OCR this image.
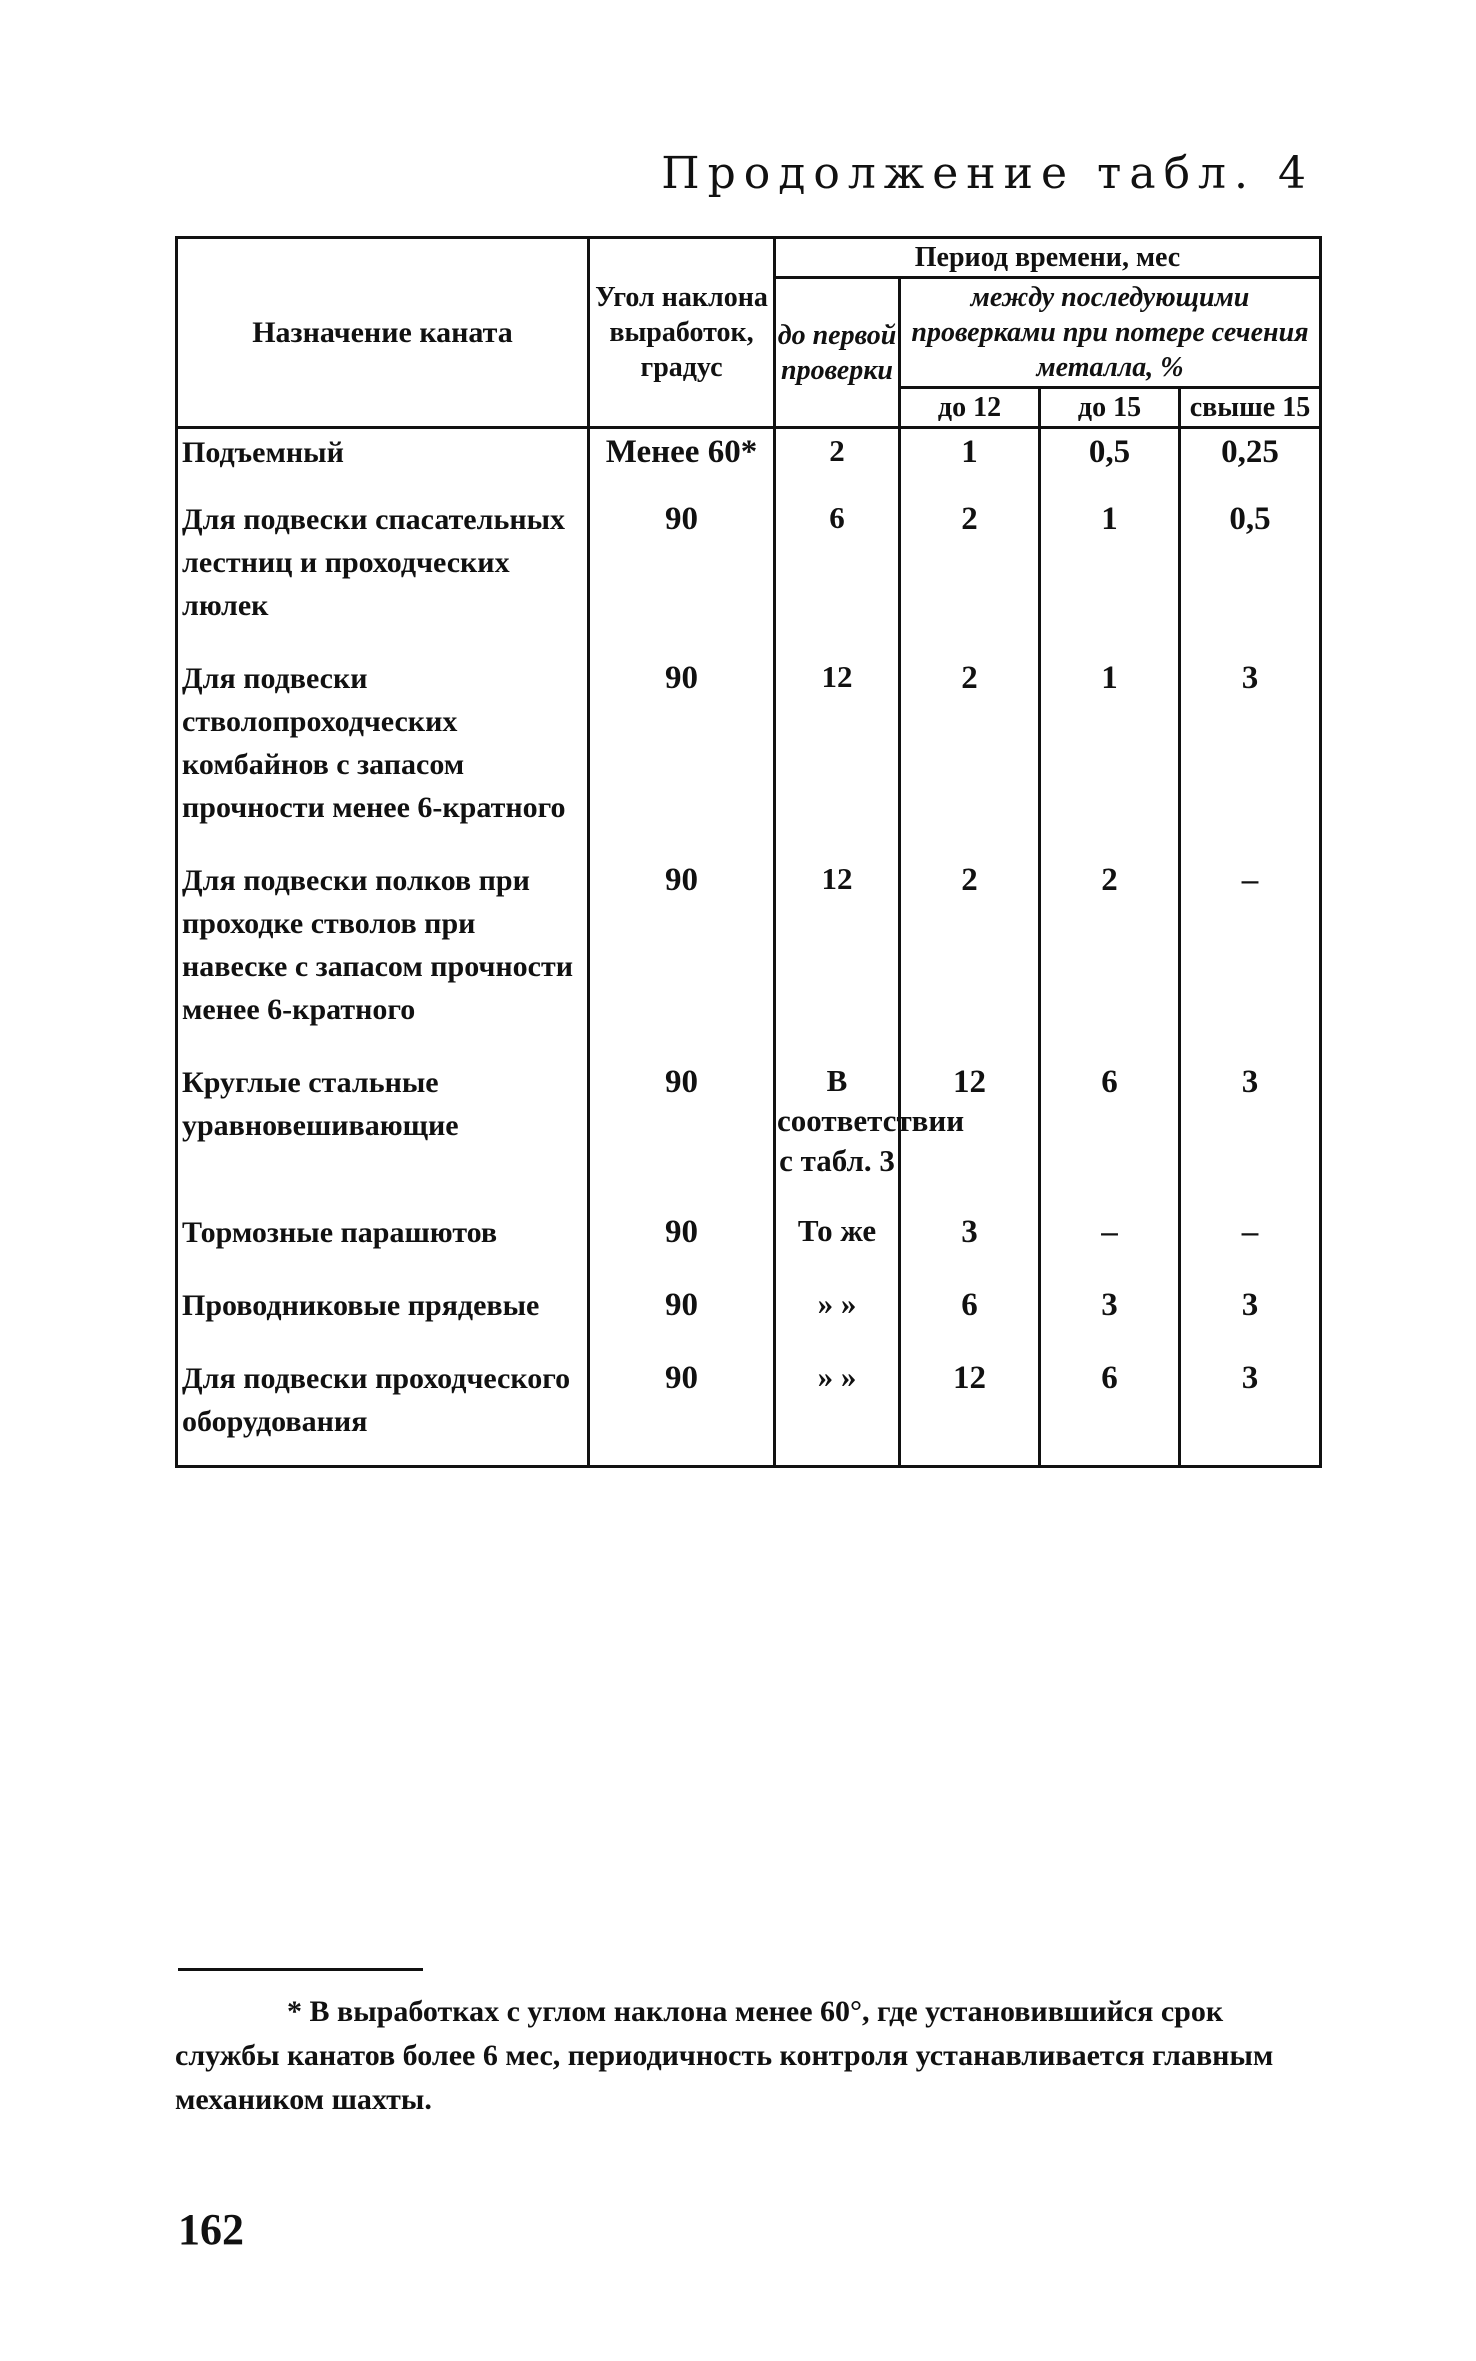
Продолжение табл. 4
Назначение каната	Угол наклона выработок, градус	Период времени, мес			
		до первой проверки	между последующими проверками при потере сечения металла, %		
			до 12	до 15	свыше 15
Подъемный	Менее 60*	2	1	0,5	0,25
Для подвески спасательных лестниц и проходческих люлек	90	6	2	1	0,5
Для подвески стволопроходческих комбайнов с запасом прочности менее 6-кратного	90	12	2	1	3
Для подвески полков при проходке стволов при навеске с запасом прочности менее 6-кратного	90	12	2	2	–
Круглые стальные уравновешивающие	90	В соответствии с табл. 3	12	6	3
Тормозные парашютов	90	То же	3	–	–
Проводниковые прядевые	90	» »	6	3	3
Для подвески проходческого оборудования	90	» »	12	6	3
* В выработках с углом наклона менее 60°, где установившийся срок службы канатов более 6 мес, периодичность контроля устанавливается главным механиком шахты.
162
